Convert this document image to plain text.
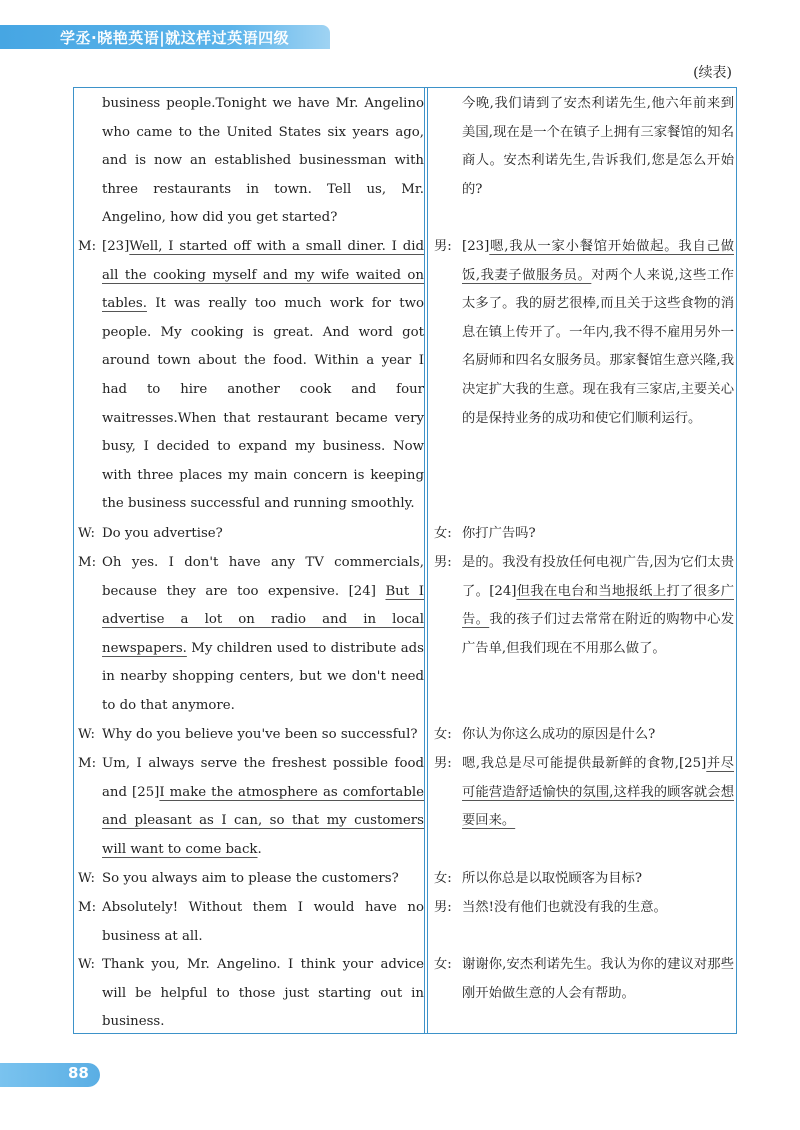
学丞·晓艳英语|就这样过英语四级
(续表)
business people.Tonight we have Mr. Angelino who came to the United States six years ago, and is now an established businessman with three restaurants in town. Tell us, Mr. Angelino, how did you get started?
M: [23]Well, I started off with a small diner. I did all the cooking myself and my wife waited on tables. It was really too much work for two people. My cooking is great. And word got around town about the food. Within a year I had to hire another cook and four waitresses.When that restaurant became very busy, I decided to expand my business. Now with three places my main concern is keeping the business successful and running smoothly.
W: Do you advertise?
M: Oh yes. I don't have any TV commercials, because they are too expensive. [24] But I advertise a lot on radio and in local newspapers. My children used to distribute ads in nearby shopping centers, but we don't need to do that anymore.
W: Why do you believe you've been so successful?
M: Um, I always serve the freshest possible food and [25]I make the atmosphere as comfortable and pleasant as I can, so that my customers will want to come back.
W: So you always aim to please the customers?
M: Absolutely! Without them I would have no business at all.
W: Thank you, Mr. Angelino. I think your advice will be helpful to those just starting out in business.
今晚,我们请到了安杰利诺先生,他六年前来到美国,现在是一个在镇子上拥有三家餐馆的知名商人。安杰利诺先生,告诉我们,您是怎么开始的?
男: [23]嗯,我从一家小餐馆开始做起。我自己做饭,我妻子做服务员。对两个人来说,这些工作太多了。我的厨艺很棒,而且关于这些食物的消息在镇上传开了。一年内,我不得不雇用另外一名厨师和四名女服务员。那家餐馆生意兴隆,我决定扩大我的生意。现在我有三家店,主要关心的是保持业务的成功和使它们顺利运行。
女: 你打广告吗?
男: 是的。我没有投放任何电视广告,因为它们太贵了。[24]但我在电台和当地报纸上打了很多广告。我的孩子们过去常常在附近的购物中心发广告单,但我们现在不用那么做了。
女: 你认为你这么成功的原因是什么?
男: 嗯,我总是尽可能提供最新鲜的食物,[25]并尽可能营造舒适愉快的氛围,这样我的顾客就会想要回来。
女: 所以你总是以取悦顾客为目标?
男: 当然!没有他们也就没有我的生意。
女: 谢谢你,安杰利诺先生。我认为你的建议对那些刚开始做生意的人会有帮助。
88
